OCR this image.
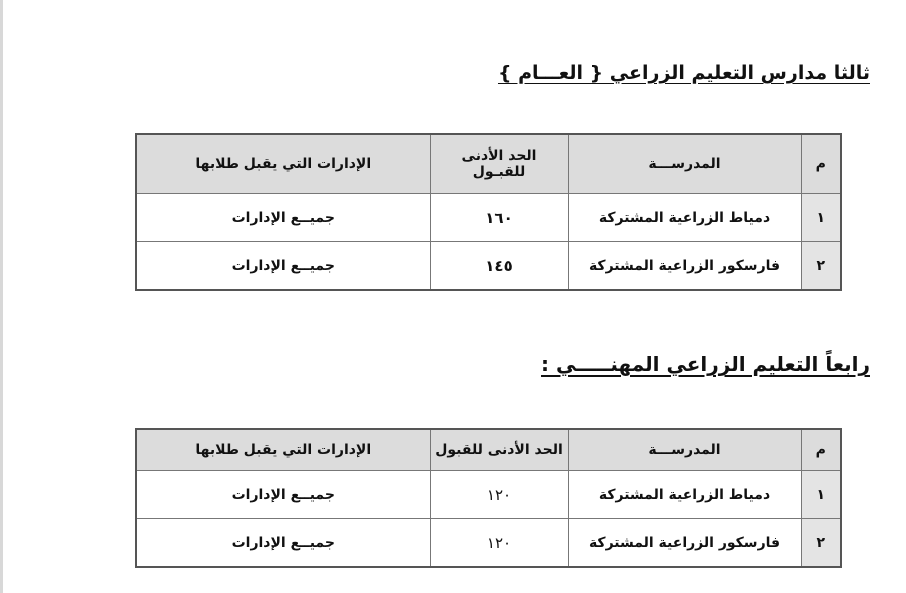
ثالثا مدارس التعليم الزراعي { العـــام }
م	المدرســـة	الحد الأدنى للقبـول	الإدارات التي يقبل طلابها
١	دمياط الزراعية المشتركة	١٦٠	جميــع الإدارات
٢	فارسكور الزراعية المشتركة	١٤٥	جميــع الإدارات
رابعاً التعليم الزراعي المهنـــــي :
م	المدرســـة	الحد الأدنى للقبول	الإدارات التي يقبل طلابها
١	دمياط الزراعية المشتركة	١٢٠	جميــع الإدارات
٢	فارسكور الزراعية المشتركة	١٢٠	جميــع الإدارات
